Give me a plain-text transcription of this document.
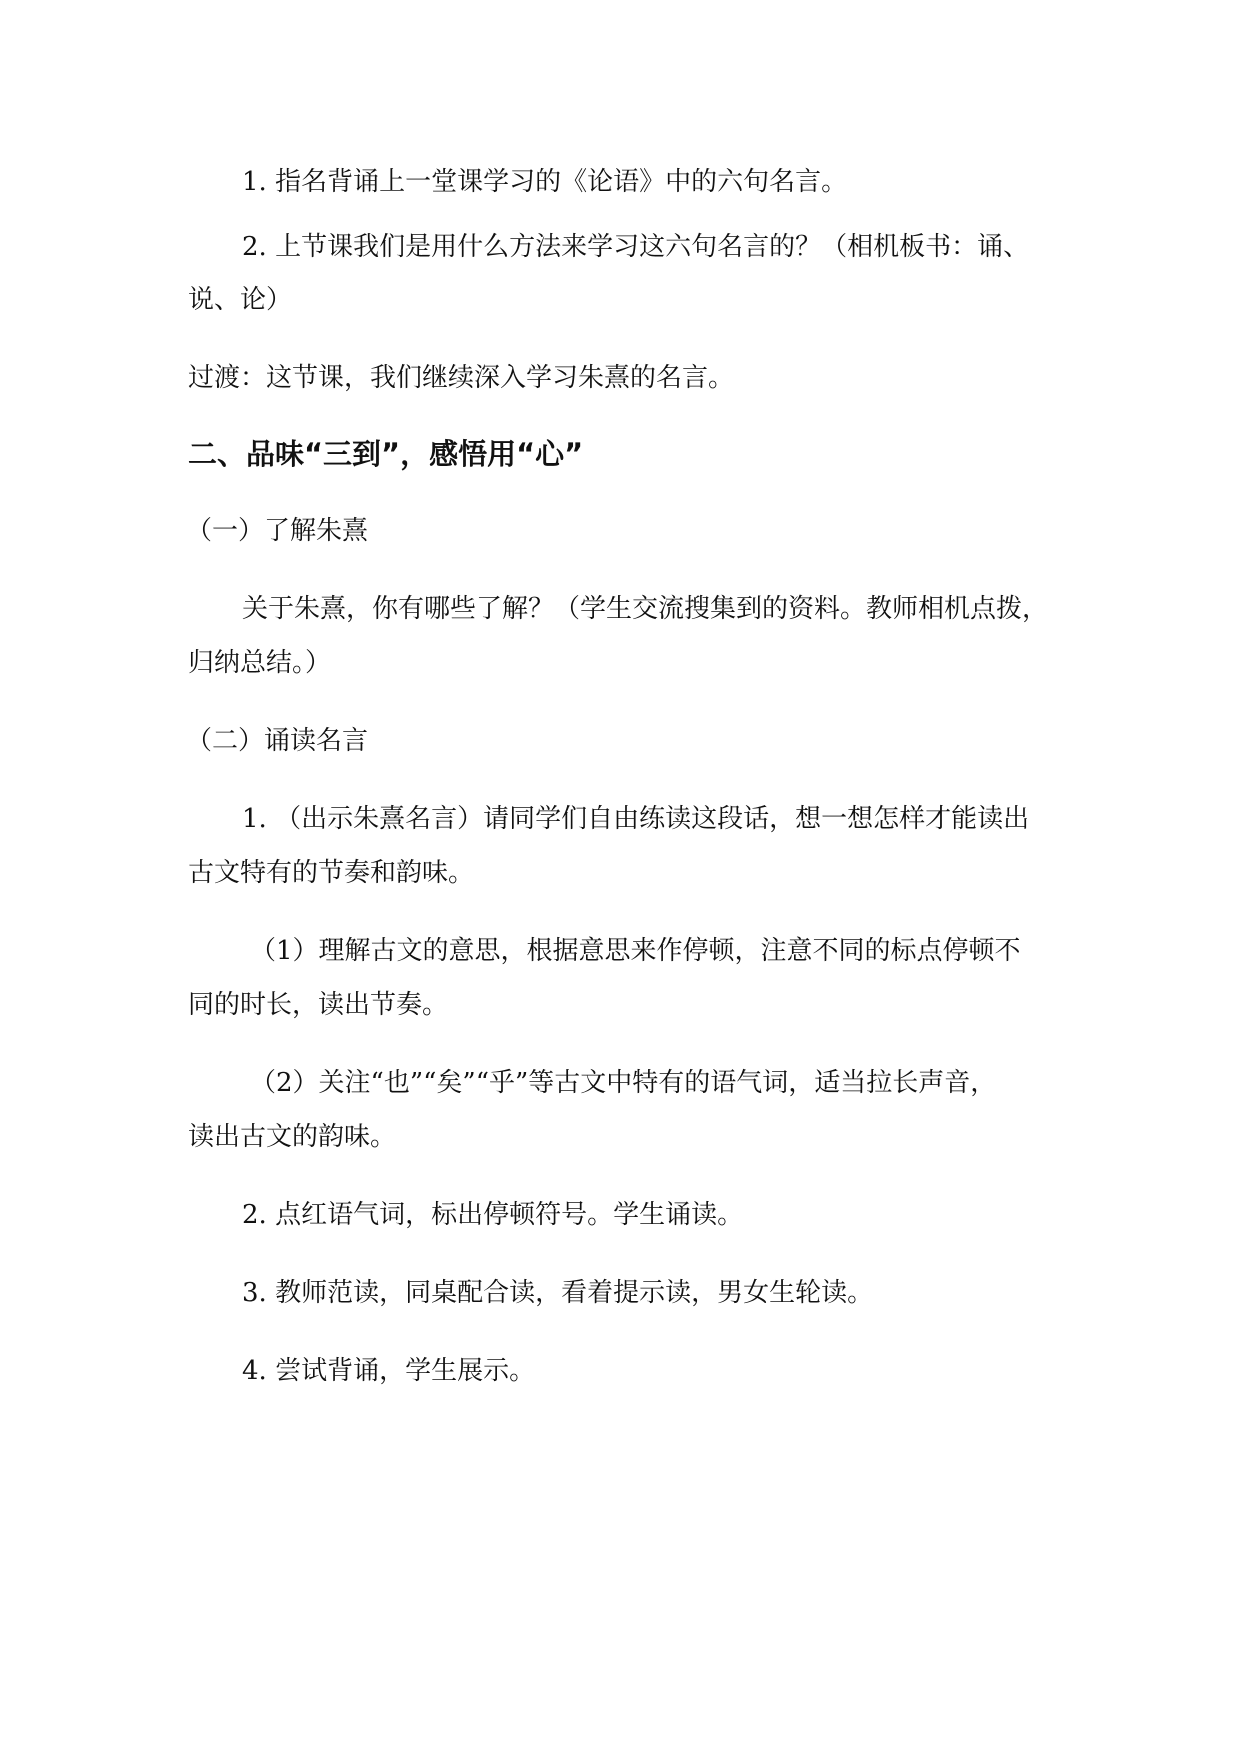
1. 指名背诵上一堂课学习的《论语》中的六句名言。
2. 上节课我们是用什么方法来学习这六句名言的？（相机板书：诵、
说、论）
过渡：这节课，我们继续深入学习朱熹的名言。
二、品味“三到”，感悟用“心”
（一）了解朱熹
关于朱熹，你有哪些了解？（学生交流搜集到的资料。教师相机点拨，
归纳总结。）
（二）诵读名言
1. （出示朱熹名言）请同学们自由练读这段话，想一想怎样才能读出
古文特有的节奏和韵味。
（1）理解古文的意思，根据意思来作停顿，注意不同的标点停顿不
同的时长，读出节奏。
（2）关注“也”“矣”“乎”等古文中特有的语气词，适当拉长声音，
读出古文的韵味。
2. 点红语气词，标出停顿符号。学生诵读。
3. 教师范读，同桌配合读，看着提示读，男女生轮读。
4. 尝试背诵，学生展示。
